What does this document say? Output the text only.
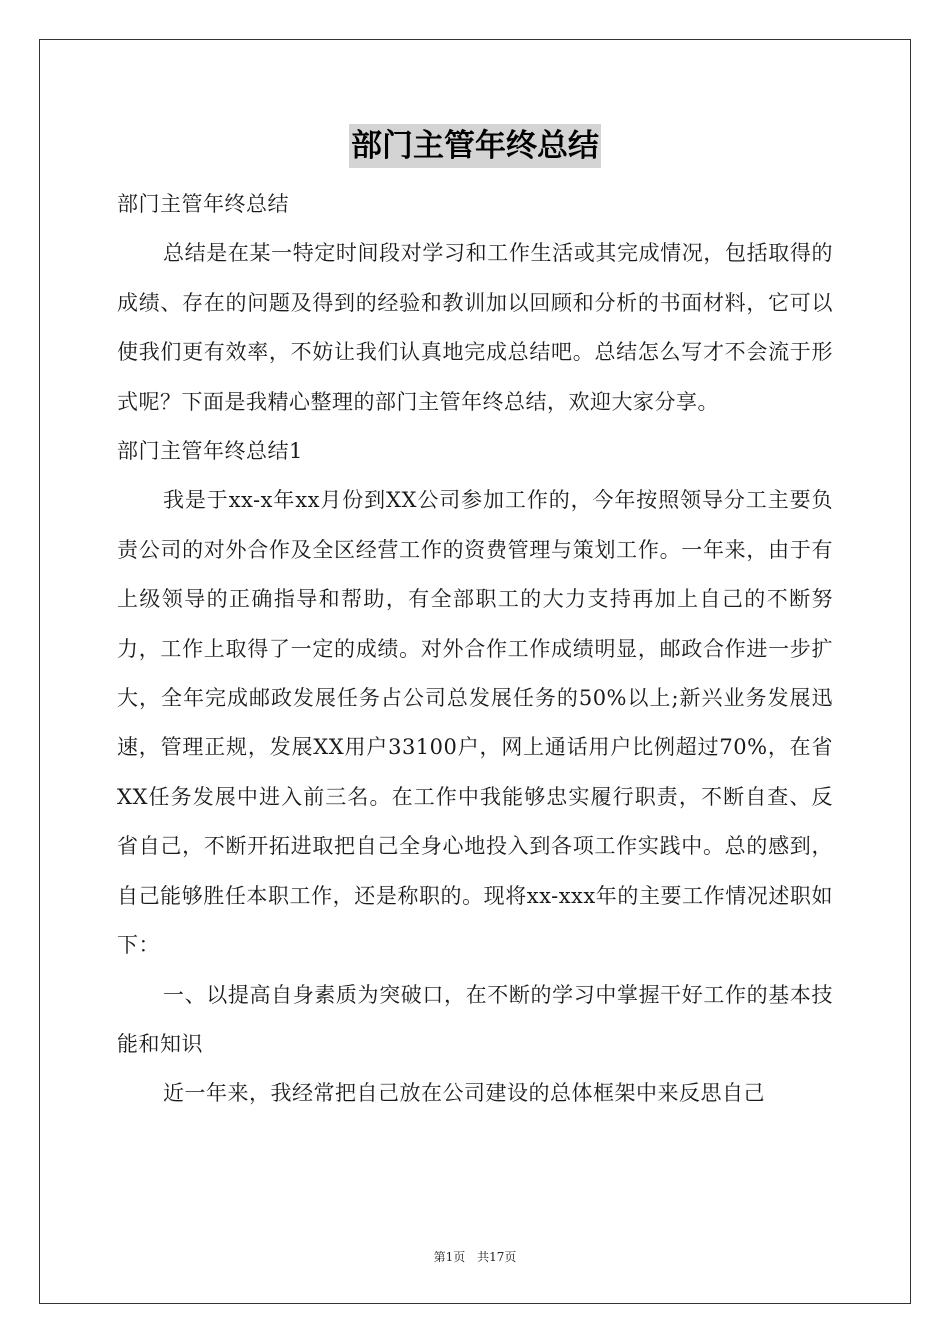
部门主管年终总结

部门主管年终总结

总结是在某一特定时间段对学习和工作生活或其完成情况，包括取得的成绩、存在的问题及得到的经验和教训加以回顾和分析的书面材料，它可以使我们更有效率，不妨让我们认真地完成总结吧。总结怎么写才不会流于形式呢？下面是我精心整理的部门主管年终总结，欢迎大家分享。

部门主管年终总结1

我是于xx-x年xx月份到XX公司参加工作的，今年按照领导分工主要负责公司的对外合作及全区经营工作的资费管理与策划工作。一年来，由于有上级领导的正确指导和帮助，有全部职工的大力支持再加上自己的不断努力，工作上取得了一定的成绩。对外合作工作成绩明显，邮政合作进一步扩大，全年完成邮政发展任务占公司总发展任务的50%以上;新兴业务发展迅速，管理正规，发展XX用户33100户，网上通话用户比例超过70%，在省XX任务发展中进入前三名。在工作中我能够忠实履行职责，不断自查、反省自己，不断开拓进取把自己全身心地投入到各项工作实践中。总的感到，自己能够胜任本职工作，还是称职的。现将xx-xxx年的主要工作情况述职如下：

一、以提高自身素质为突破口，在不断的学习中掌握干好工作的基本技能和知识

近一年来，我经常把自己放在公司建设的总体框架中来反思自己

第1页 共17页
